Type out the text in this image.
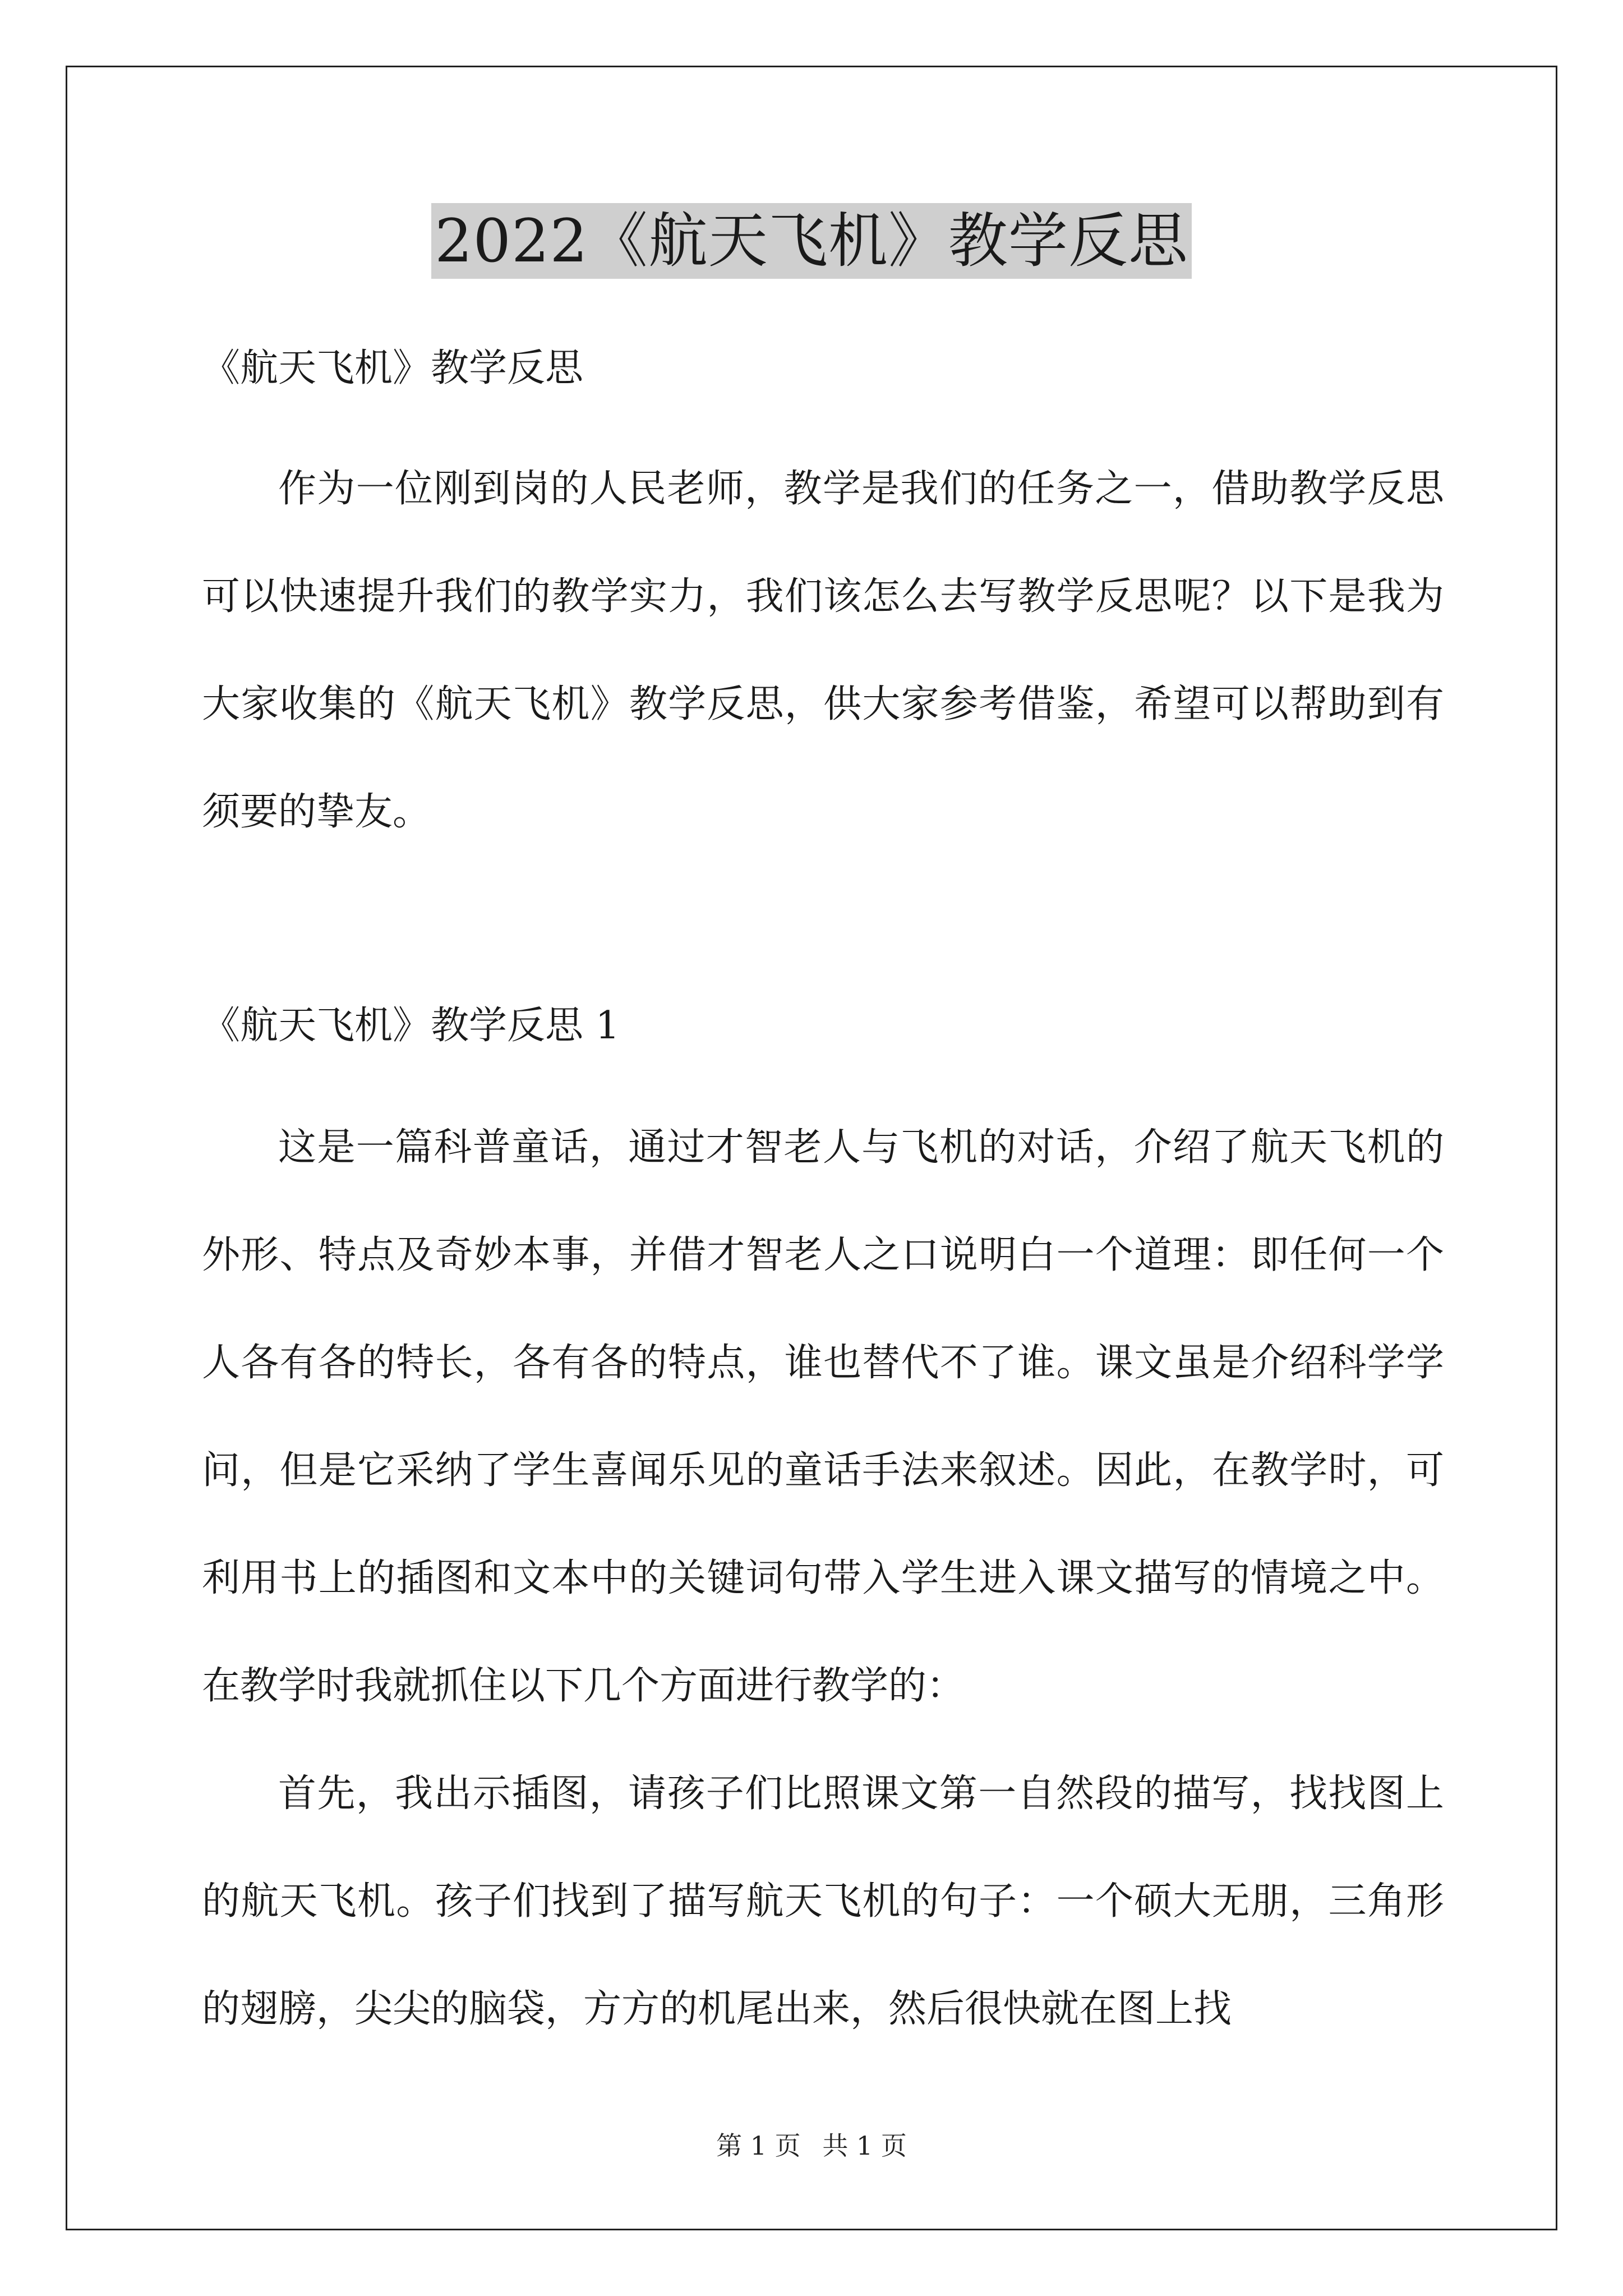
2022《航天飞机》教学反思

《航天飞机》教学反思

作为一位刚到岗的人民老师，教学是我们的任务之一，借助教学反思可以快速提升我们的教学实力，我们该怎么去写教学反思呢？以下是我为大家收集的《航天飞机》教学反思，供大家参考借鉴，希望可以帮助到有须要的挚友。

《航天飞机》教学反思 1

这是一篇科普童话，通过才智老人与飞机的对话，介绍了航天飞机的外形、特点及奇妙本事，并借才智老人之口说明白一个道理：即任何一个人各有各的特长，各有各的特点，谁也替代不了谁。课文虽是介绍科学学问，但是它采纳了学生喜闻乐见的童话手法来叙述。因此，在教学时，可利用书上的插图和文本中的关键词句带入学生进入课文描写的情境之中。在教学时我就抓住以下几个方面进行教学的：

首先，我出示插图，请孩子们比照课文第一自然段的描写，找找图上的航天飞机。孩子们找到了描写航天飞机的句子：一个硕大无朋，三角形的翅膀，尖尖的脑袋，方方的机尾出来，然后很快就在图上找

第 1 页 共 1 页
